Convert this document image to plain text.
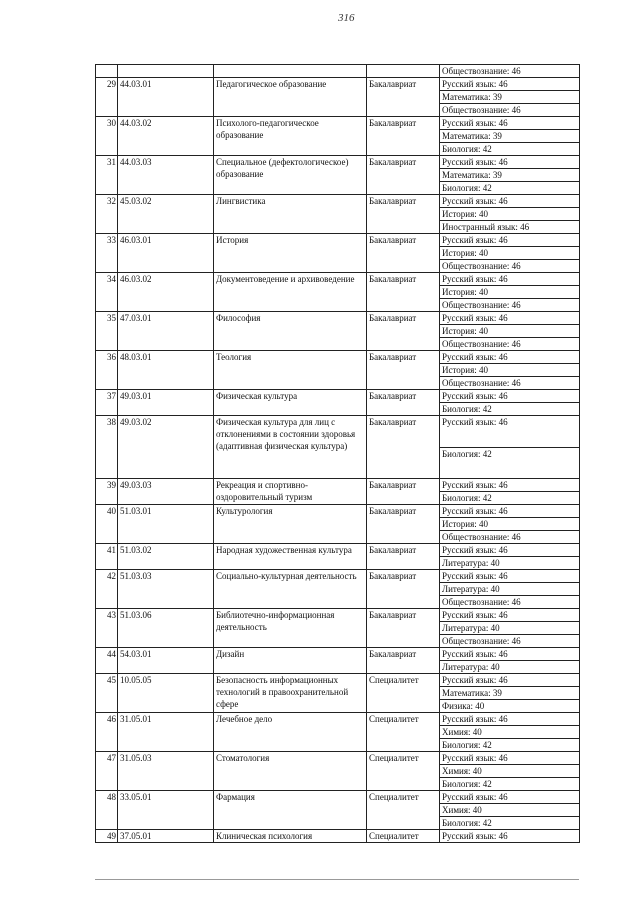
316
				Обществознание: 46
29	44.03.01	Педагогическое образование	Бакалавриат	Русский язык: 46
				Математика: 39
				Обществознание: 46
30	44.03.02	Психолого-педагогическое образование	Бакалавриат	Русский язык: 46
				Математика: 39
				Биология: 42
31	44.03.03	Специальное (дефектологическое) образование	Бакалавриат	Русский язык: 46
				Математика: 39
				Биология: 42
32	45.03.02	Лингвистика	Бакалавриат	Русский язык: 46
				История: 40
				Иностранный язык: 46
33	46.03.01	История	Бакалавриат	Русский язык: 46
				История: 40
				Обществознание: 46
34	46.03.02	Документоведение и архивоведение	Бакалавриат	Русский язык: 46
				История: 40
				Обществознание: 46
35	47.03.01	Философия	Бакалавриат	Русский язык: 46
				История: 40
				Обществознание: 46
36	48.03.01	Теология	Бакалавриат	Русский язык: 46
				История: 40
				Обществознание: 46
37	49.03.01	Физическая культура	Бакалавриат	Русский язык: 46
				Биология: 42
38	49.03.02	Физическая культура для лиц с отклонениями в состоянии здоровья (адаптивная физическая культура)	Бакалавриат	Русский язык: 46
				Биология: 42
39	49.03.03	Рекреация и спортивно-оздоровительный туризм	Бакалавриат	Русский язык: 46
				Биология: 42
40	51.03.01	Культурология	Бакалавриат	Русский язык: 46
				История: 40
				Обществознание: 46
41	51.03.02	Народная художественная культура	Бакалавриат	Русский язык: 46
				Литература: 40
42	51.03.03	Социально-культурная деятельность	Бакалавриат	Русский язык: 46
				Литература: 40
				Обществознание: 46
43	51.03.06	Библиотечно-информационная деятельность	Бакалавриат	Русский язык: 46
				Литература: 40
				Обществознание: 46
44	54.03.01	Дизайн	Бакалавриат	Русский язык: 46
				Литература: 40
45	10.05.05	Безопасность информационных технологий в правоохранительной сфере	Специалитет	Русский язык: 46
				Математика: 39
				Физика: 40
46	31.05.01	Лечебное дело	Специалитет	Русский язык: 46
				Химия: 40
				Биология: 42
47	31.05.03	Стоматология	Специалитет	Русский язык: 46
				Химия: 40
				Биология: 42
48	33.05.01	Фармация	Специалитет	Русский язык: 46
				Химия: 40
				Биология: 42
49	37.05.01	Клиническая психология	Специалитет	Русский язык: 46
